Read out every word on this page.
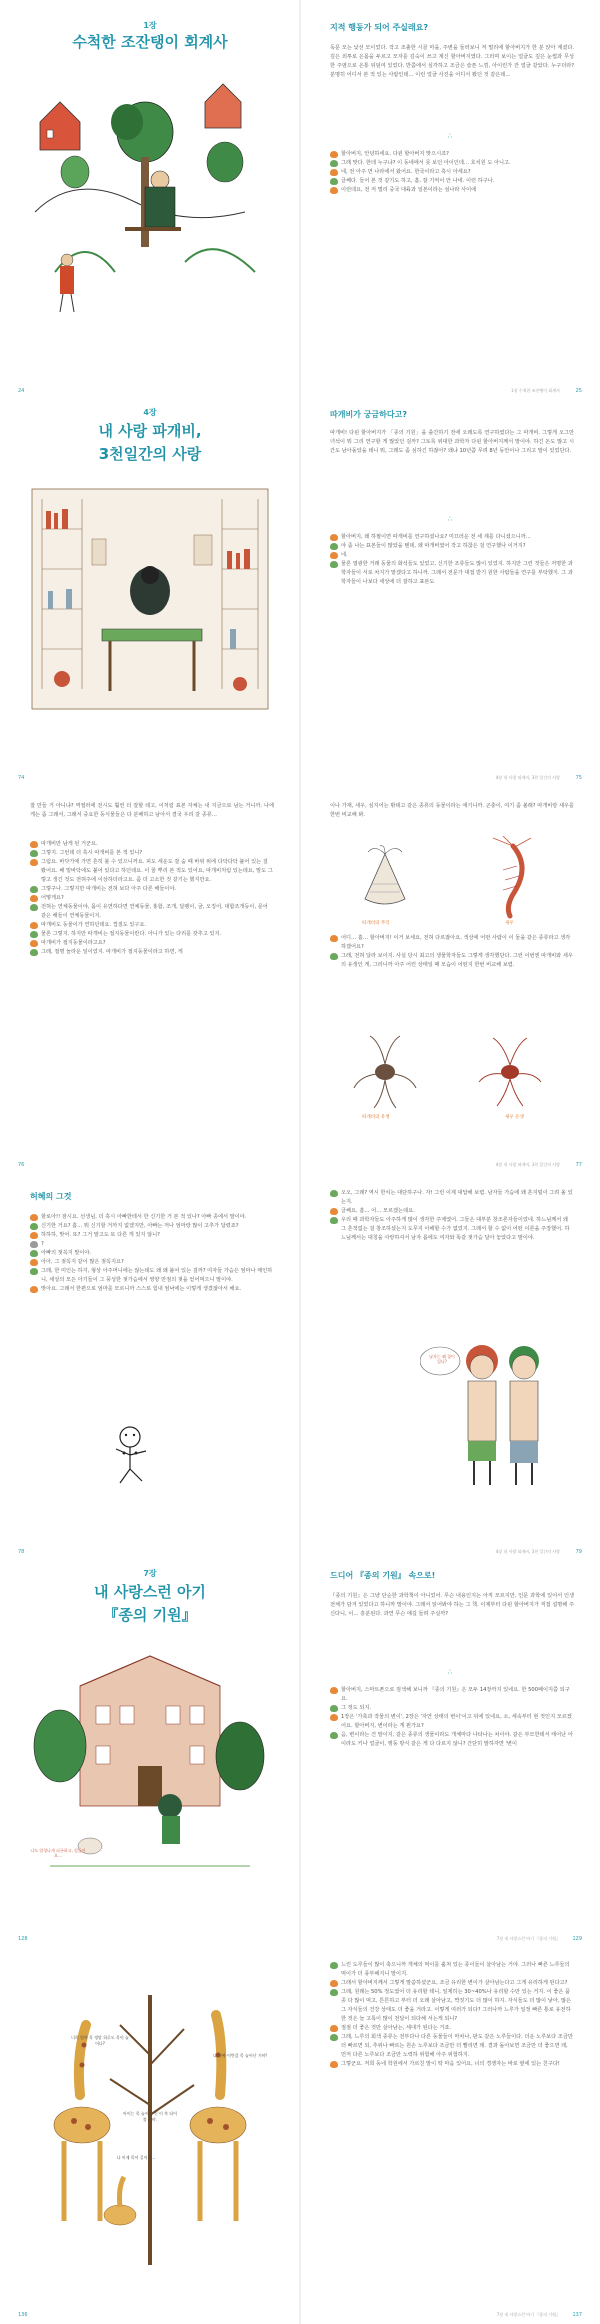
1장
수척한 조잔탱이 회계사
24
지적 행동가 되어 주실래요?
독문 모는 낯선 모이었다. 작고 조촐한 시골 마을, 주변을 둘러보니 저 멀리에 할아버지가 한 분 앉아 계셨다. 깊은 외투로 온몸을 두르고 모자를 깊숙이 쓰고 계신 할아버지였다. 그러며 보이는 얼굴도 깊은 눈썹과 무성한 주염으로 온통 뒤덮여 있었다. 반쯤에서 심각하고 조금은 슬픈 느낌, 아이린가 잔 얼굴 같았다. 누구더라? 분명히 어디서 본 적 있는 사람인데… 이런 얼굴 사진을 어디서 봤던 것 같은데…
∴
할아버지, 안녕하세요. 다윈 할아버지 맞으시죠?
그래 맞다. 한데 누구냐? 이 동네에서 못 보던 아이인데… 호치원 도 아니고.
네, 전 아주 먼 나라에서 왔어요. 한국이라고 혹시 아세요?
글쎄다. 들어 본 것 같기도 하고, 흠, 잘 기억이 안 나네. 이런 하구나.
이런데요, 전 저 멀리 중국 대륙과 일본이라는 섬나라 사이에
1장 수척한 조잔탱이 회계사	25
4장
내 사랑 파개비,
3천일간의 사랑
74
따개비가 궁금하다고?
따개비! 다윈 할아버지가 「종의 기원」을 출간하기 전에 오래도록 연구하였다는 그 따개비. 그렇게 오그만 녀석이 뭐 그리 연구할 게 많았던 걸까? 그토록 위대한 과학자 다윈 할아버지께서 말이야. 하긴 돈도 많고 시간도 남아돌았을 테니 뭐, 그래도 좀 심하긴 하잖아? 왜냐 10년쯤 무려 8년 동안이나 그리고 말이 있었단다.
∴
할아버지, 왜 하필이면 따개비를 연구하셨나요? 미끄러운 전 세 제를 다니셨으니까…
야 좀 나는 표본들이 많았을 텐데, 왜 따개비였어 작고 하찮은 걸 연구했나 이거지?
네.
물론 열광한 거래 동물의 화석들도 있었고, 신기한 조류들도 많이 있었지. 하지만 그런 것들은 저명한 과학자들이 서로 차지가 맡겠다고 하니까. 그래서 전문가 대접 받기 원한 사람들을 연구를 부탁했지. 그 과학자들이 나보다 세상에 더 잘하고 표본도
4장 내 사랑 따개비, 3천 일간의 사랑	75
잘 만들 거 아니냐? 역절러에 전시도 훨씬 더 잘할 테고, 이처럼 표본 자체는 내 지금으로 남는 거니까. 나에게는 좀 그래서, 그래서 중요한 동식물들은 다 분배하고 남아서 결국 우리 갈 종류…
따개비만 남게 된 거군요.
그렇지. 그런데 더 혹시 따개비를 본 적 있니?
그럼요. 바닷가에 가면 흔히 볼 수 있으니까요. 피도 세운도 잘 숨 때 바위 위에 다닥다닥 붙어 있는 걸 봤어요. 배 밑바닥에도 붙어 있다고 하던데요. 이 꿈 뿌리 본 적도 있어요, 따개비처럼 있는데요, 말도 그렇고 생긴 것도 전혀주에 이상하더라고요. 좀 더 고소한 것 같기는 했지만요.
그렇구나. 그렇지만 따개비는 전혀 보다 아주 다른 해들이야.
어떻게요?
전혀는 연체동물이야, 몸이 유연하다면 연체동물, 홍합, 조개, 달팽이, 굴, 오징어, 대합조개등이, 문어 같은 해들이 연체동물이지.
따개비도 동물이가 연하던데요. 껍질도 있구요.
물론 그렇지. 하지만 따개비는 절지동물이란다. 아니가 있는 다리를 갖추고 있지.
따개비가 절지동물이라고요?
그래, 절명 놀라운 일이었지. 따개비가 절지동물이라고 하면, 게
76
이나 가재, 새우, 심지어는 밖데고 같은 종류의 동물이라는 얘기니까. 곤충이, 여기 좀 볼래? 따개비랑 새우를 한번 비교해 봐.
따개비의 무리	새우
어디… 흠… 할아버지! 이거 보세요, 전혀 다르잖아요, 색상에 어떤 사람이 이 둘을 같은 종류라고 생각하겠어요?
그래, 전혀 달라 보이지. 사실 당시 최고의 생물학자들도 그렇게 생각했단다. 그런 이번엔 따개비와 새우의 유생인 게, 그러니까 아주 어린 상태일 때 모습이 어떤지 한번 비교해 보렴.
따개비의 유생	새우 유생
4장 내 사랑 따개비, 3천 일간의 사랑	77
허혜의 그것
할로아!! 잠시요. 선생님, 더 혹시 아빠한테서 한 신기한 거 본 적 있나? 아빠 종에서 말이야.
신기한 거요? 흠… 뭐 신기할 거까지 없겠지만, 아빠는 저나 엄마랑 많이 고추가 달렸죠?
하하하, 맞어. 또? 그거 말고도 또 다른 게 있지 않니?
?
아빠의 젖꼭지 말이야.
아아, 그 젖꼭지 같이 많은 젖꼭지요?
그래, 한 미인는 하지, 형상 아주머니에는 않는데도 왜 왜 붙어 있는 걸까? 여자들 가슴은 엄마나 매인하니, 세상의 모든 아기들이 그 풍성한 젖가슴에서 영양 만점의 젖을 얻어먹으니 말이야.
맞아요. 그래서 한편으로 엄마를 모르니까 스스로 힘내 엄낙에는 이렇게 생겼잖아서 해요.
78
오오, 그래? 역시 한치는 대단하구나. 자! 그런 이제 대답해 보렴. 남자들 가슴에 왜 흔지털이 그려 올 있는지.
글쎄요, 흠… 어… 모르겠는데요.
우리 때 과학자들도 아주하게 많이 생각한 주제였어. 그들은 대부분 창조론자들이었네. 하느님께서 왜 그 흔적없는 걸 창조하셨는지 도무지 이해할 수가 없었지. 그래서 할 수 없이 어떤 이론을 주장했어. 하느님께서는 대칭을 사랑하셔서 남자 몸에도 여자와 똑같 젖가슴 달아 놓았다고 말이야.
남자는 왜 젖이 있나?
4장 내 사랑 따개비, 3천 일간의 사랑	79
7장
내 사랑스런 아기
『종의 기원』
나도 엄청나게 피곤하고, 힘들어요…
128
드디어 『종의 기원』 속으로!
『종의 기원』은 그냥 단순한 과학책이 아니었어. 무슨 내용인지는 아직 모르지만, 인문 과학에 있어서 인생 전체가 담겨 있었다고 하니까 말이야. 그래서 읽어봐야 하는 그 책. 이제부터 다윈 할아버지가 직접 설명해 주신다니, 이… 흥분된다. 과연 무슨 얘길 들려 주실까?
∴
할아버지, 스마트폰으로 검색해 보니까 『종의 기원』은 모두 14장까지 있네요. 한 500페이지쯤 되구요.
그 정도 되지.
1장은 '가축과 작물의 변이', 2장은 '자연 상태의 변이'이고 뒤에 있네요, 소, 세속부터 현 것인지 모르겠어요. 할아버지, 변이라는 게 뭔가요?
음, 변이라는 건 말이지, 같은 종류의 생물이라도 개체마다 나타나는 차이야. 같은 부모한테서 태어난 아이라도 키나 얼굴이, 행동 방식 같은 게 다 다르지 않니? 간단히 말하자면 '변이
7장 내 사랑스런 아기 『종의 기원』 129
너희 엄마 목 정말 하루도 목이 늘어나?
나 진짜 이만큼 목 늘어난 거야!
아이는 목 늘어나 긴 이 쭉 되어 볼 거야.
나 이제 목이 길어지…
136
느린 도루들이 많이 축으니까 개체의 먹이를 훔쳐 있는 종이들이 살아남는 거야. 그러나 빠른 느루들의 먹이가 더 풍부해지니 말이지.
그래서 할아버지께서 그렇게 말씀하셨군요, 조금 유리한 변이가 살아남는다고 그게 유리하게 된다고?
그래, 원래는 50% 정도였어 더 유리할 테니, 일제히는 30~40%나 유리할 수만 있는 거지. 이 좋은 품종 다 많이 먹고, 튼튼하고 부터 더 오래 살아남고, 짝짓기도 더 많이 하지. 자식들도 더 많이 낳아, 많은 그 자식들의 건강 상태도 더 좋을 거라고. 이렇게 여러가 되다? 그러나까 느루가 일정 빠른 통로 유전하한 것은 늘 고록이 많이 전달이 되다해 서는게 되니?
점점 더 좋은 것만 살아남는, 세대가 된다는 거죠.
그래, 느루의 회색 종류는 전부다나 다른 동물들이 마차나, 판도 같은 노루들이다. 더운 노루보다 조금만 더 빠르면 되, 추위나 빠르는 원손 노루보다 조금만 더 빨리면 돼. 결과 돌아보면 조금만 더 좋으면 돼, 먼저 다른 노루보다 조금만 노력하 위험해 아주 위험하지.
그렇군요. 저희 동네 학원에서 가르친 말이 딱 마음 있어요, 너의 경쟁자는 바로 옆에 있는 친구다!
7장 내 사랑스런 아기 『종의 기원』 137
